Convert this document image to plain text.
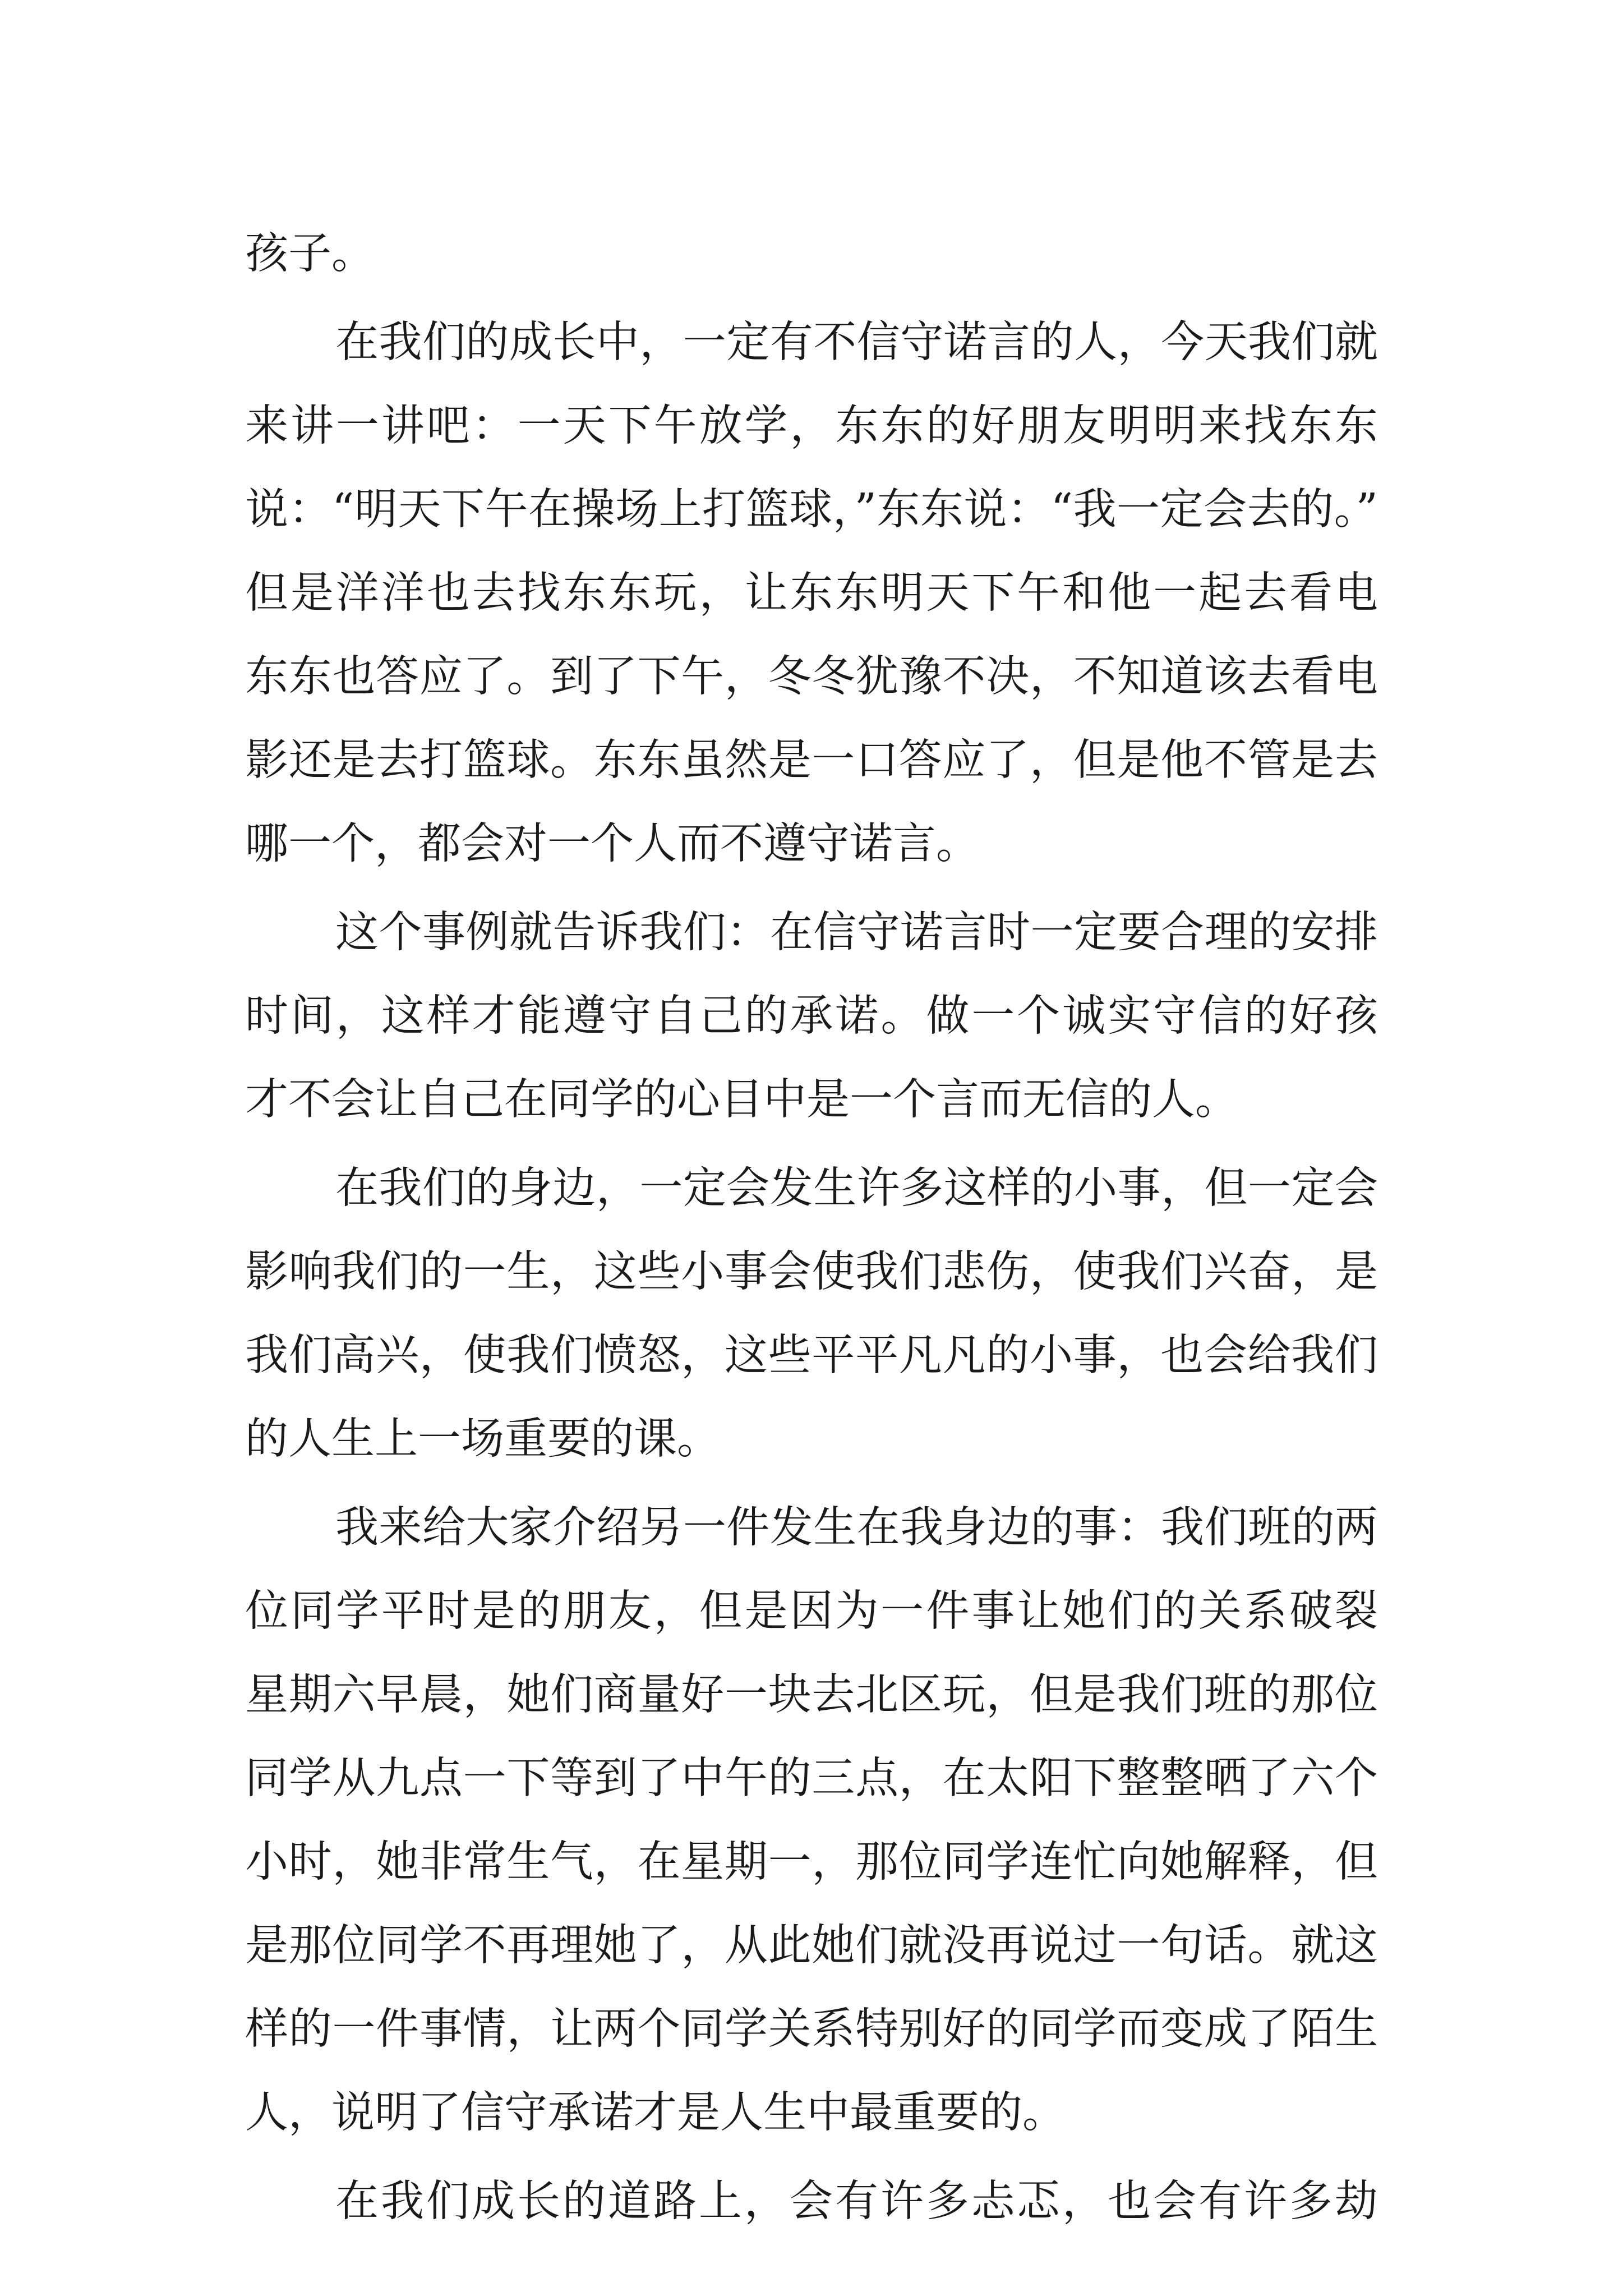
孩子。
在我们的成长中，一定有不信守诺言的人，今天我们就
来讲一讲吧：一天下午放学，东东的好朋友明明来找东东
说：“明天下午在操场上打篮球，”东东说：“我一定会去的。”
但是洋洋也去找东东玩，让东东明天下午和他一起去看电
东东也答应了。到了下午，冬冬犹豫不决，不知道该去看电
影还是去打篮球。东东虽然是一口答应了，但是他不管是去
哪一个，都会对一个人而不遵守诺言。
这个事例就告诉我们：在信守诺言时一定要合理的安排
时间，这样才能遵守自己的承诺。做一个诚实守信的好孩
才不会让自己在同学的心目中是一个言而无信的人。
在我们的身边，一定会发生许多这样的小事，但一定会
影响我们的一生，这些小事会使我们悲伤，使我们兴奋，是
我们高兴，使我们愤怒，这些平平凡凡的小事，也会给我们
的人生上一场重要的课。
我来给大家介绍另一件发生在我身边的事：我们班的两
位同学平时是的朋友，但是因为一件事让她们的关系破裂
星期六早晨，她们商量好一块去北区玩，但是我们班的那位
同学从九点一下等到了中午的三点，在太阳下整整晒了六个
小时，她非常生气，在星期一，那位同学连忙向她解释，但
是那位同学不再理她了，从此她们就没再说过一句话。就这
样的一件事情，让两个同学关系特别好的同学而变成了陌生
人，说明了信守承诺才是人生中最重要的。
在我们成长的道路上，会有许多忐忑，也会有许多劫
